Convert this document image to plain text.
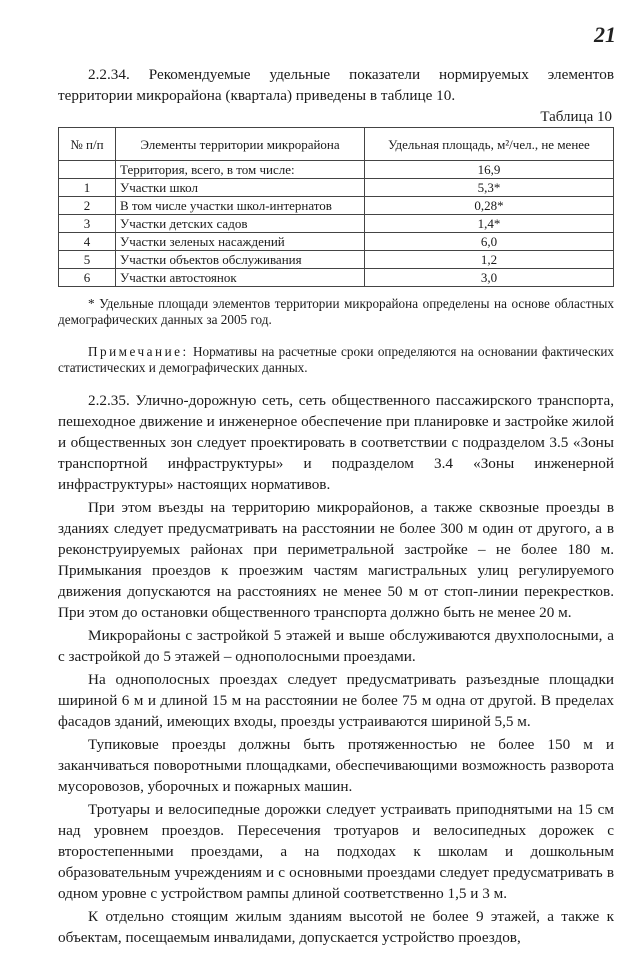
21

2.2.34. Рекомендуемые удельные показатели нормируемых элементов территории микрорайона (квартала) приведены в таблице 10.

Таблица 10
№ п/п	Элементы территории микрорайона	Удельная площадь, м²/чел., не менее
	Территория, всего, в том числе:	16,9
1	Участки школ	5,3*
2	В том числе участки школ-интернатов	0,28*
3	Участки детских садов	1,4*
4	Участки зеленых насаждений	6,0
5	Участки объектов обслуживания	1,2
6	Участки автостоянок	3,0

* Удельные площади элементов территории микрорайона определены на основе областных демографических данных за 2005 год.

Примечание: Нормативы на расчетные сроки определяются на основании фактических статистических и демографических данных.

2.2.35. Улично-дорожную сеть, сеть общественного пассажирского транспорта, пешеходное движение и инженерное обеспечение при планировке и застройке жилой и общественных зон следует проектировать в соответствии с подразделом 3.5 «Зоны транспортной инфраструктуры» и подразделом 3.4 «Зоны инженерной инфраструктуры» настоящих нормативов.

При этом въезды на территорию микрорайонов, а также сквозные проезды в зданиях следует предусматривать на расстоянии не более 300 м один от другого, а в реконструируемых районах при периметральной застройке – не более 180 м. Примыкания проездов к проезжим частям магистральных улиц регулируемого движения допускаются на расстояниях не менее 50 м от стоп-линии перекрестков. При этом до остановки общественного транспорта должно быть не менее 20 м.

Микрорайоны с застройкой 5 этажей и выше обслуживаются двухполосными, а с застройкой до 5 этажей – однополосными проездами.

На однополосных проездах следует предусматривать разъездные площадки шириной 6 м и длиной 15 м на расстоянии не более 75 м одна от другой. В пределах фасадов зданий, имеющих входы, проезды устраиваются шириной 5,5 м.

Тупиковые проезды должны быть протяженностью не более 150 м и заканчиваться поворотными площадками, обеспечивающими возможность разворота мусоровозов, уборочных и пожарных машин.

Тротуары и велосипедные дорожки следует устраивать приподнятыми на 15 см над уровнем проездов. Пересечения тротуаров и велосипедных дорожек с второстепенными проездами, а на подходах к школам и дошкольным образовательным учреждениям и с основными проездами следует предусматривать в одном уровне с устройством рампы длиной соответственно 1,5 и 3 м.

К отдельно стоящим жилым зданиям высотой не более 9 этажей, а также к объектам, посещаемым инвалидами, допускается устройство проездов,
